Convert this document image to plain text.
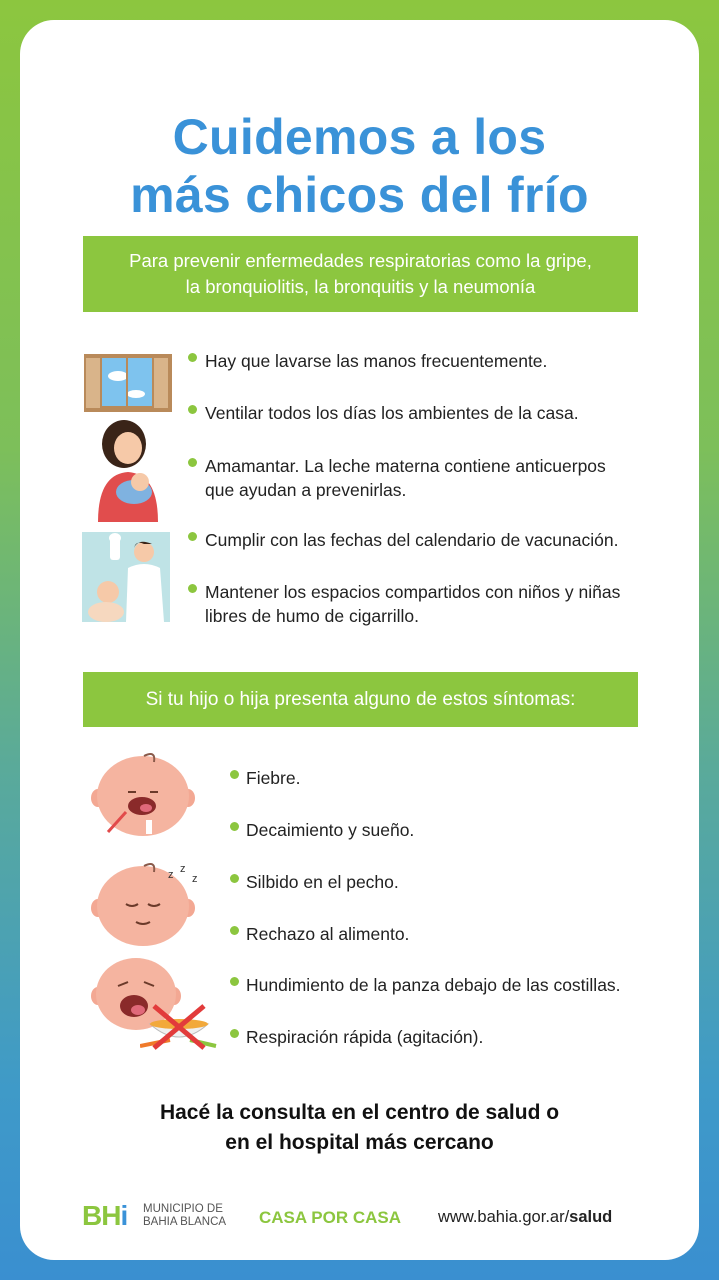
Cuidemos a los
más chicos del frío
Para prevenir enfermedades respiratorias como la gripe,
la bronquiolitis, la bronquitis y la neumonía
Hay que lavarse las manos frecuentemente.
Ventilar todos los días los ambientes de la casa.
Amamantar. La leche materna contiene anticuerpos
que ayudan a prevenirlas.
Cumplir con las fechas del calendario de vacunación.
Mantener los espacios compartidos con niños y niñas
libres de humo de cigarrillo.
Si tu hijo o hija presenta alguno de estos síntomas:
z z
z
Fiebre.
Decaimiento y sueño.
Silbido en el pecho.
Rechazo al alimento.
Hundimiento de la panza debajo de las costillas.
Respiración rápida (agitación).
Hacé la consulta en el centro de salud o
en el hospital más cercano
BHi MUNICIPIO DE
BAHIA BLANCA CASA POR CASA www.bahia.gor.ar/salud
